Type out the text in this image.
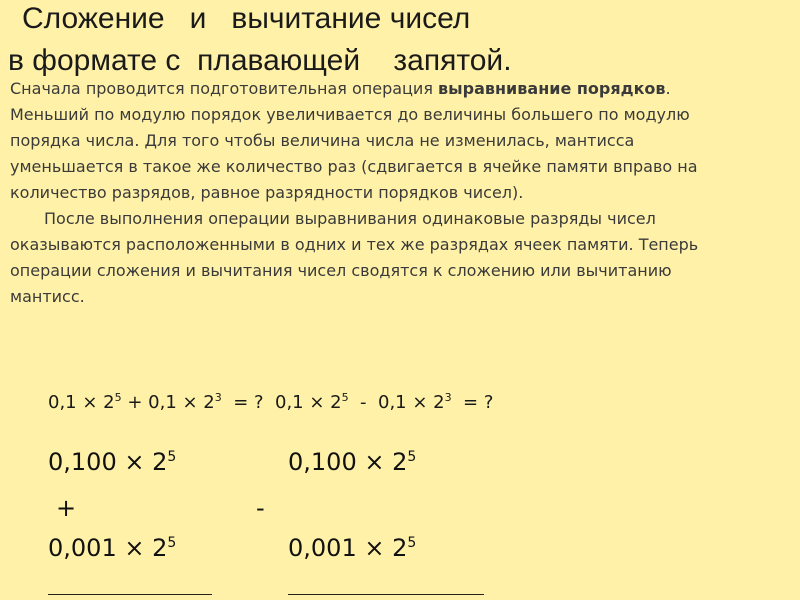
Сложение   и   вычитание чисел
в формате с  плавающей    запятой.

Сначала проводится подготовительная операция выравнивание порядков.

Меньший по модулю порядок увеличивается до величины большего по модулю порядка числа. Для того чтобы величина числа не изменилась, мантисса уменьшается в такое же количество раз (сдвигается в ячейке памяти вправо на количество разрядов, равное разрядности порядков чисел).

После выполнения операции выравнивания одинаковые разряды чисел оказываются расположенными в одних и тех же разрядах ячеек памяти. Теперь операции сложения и вычитания чисел сводятся к сложению или вычитанию мантисс.

$0,1 \times 2^5 + 0,1 \times 2^3$  = ?  $0,1 \times 2^5 - 0,1 \times 2^3$  = ?
$0,100 \times 2^5$
+
$0,001 \times 2^5$
$0,100 \times 2^5$
-
$0,001 \times 2^5$
